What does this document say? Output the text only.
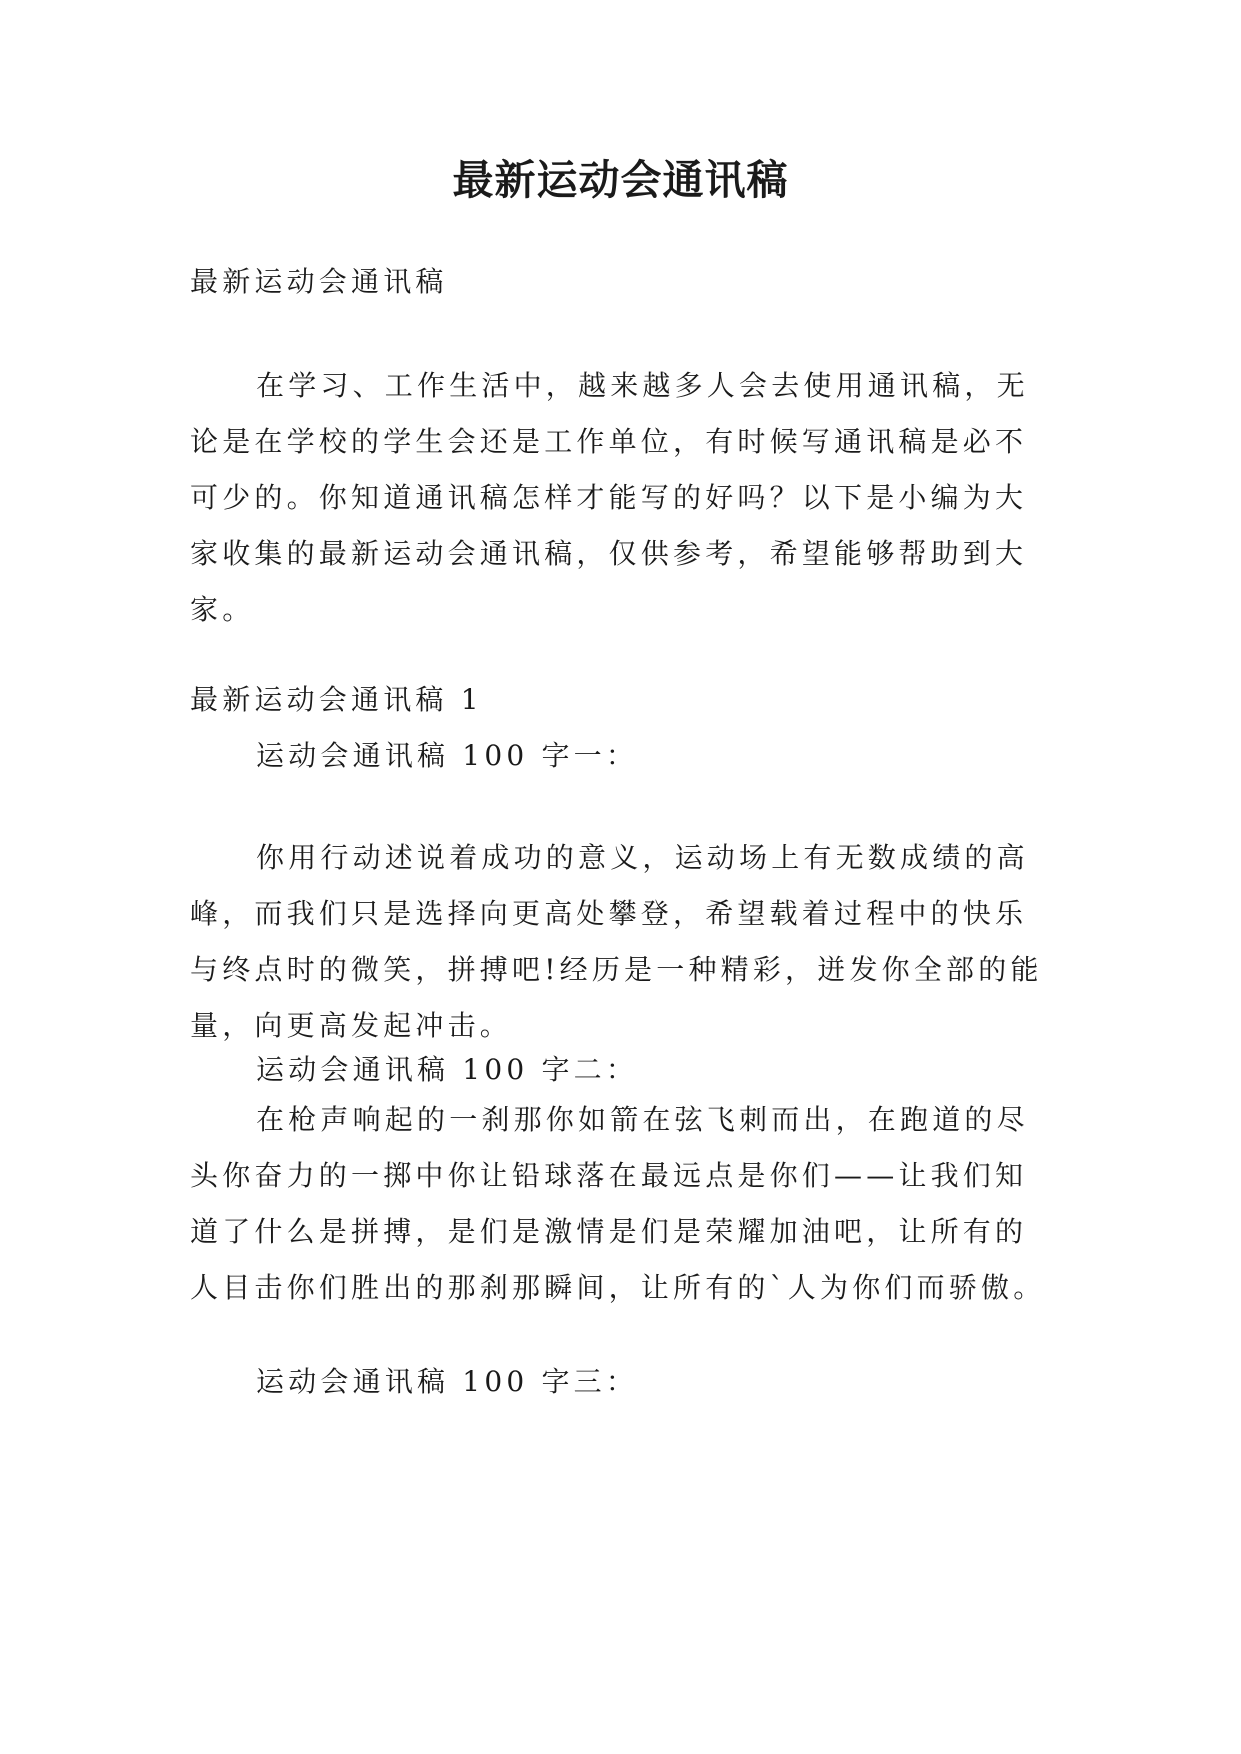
最新运动会通讯稿

最新运动会通讯稿

在学习、工作生活中，越来越多人会去使用通讯稿，无论是在学校的学生会还是工作单位，有时候写通讯稿是必不可少的。你知道通讯稿怎样才能写的好吗？以下是小编为大家收集的最新运动会通讯稿，仅供参考，希望能够帮助到大家。

最新运动会通讯稿 1

运动会通讯稿 100 字一：

你用行动述说着成功的意义，运动场上有无数成绩的高峰，而我们只是选择向更高处攀登，希望载着过程中的快乐与终点时的微笑，拼搏吧!经历是一种精彩，迸发你全部的能量，向更高发起冲击。

运动会通讯稿 100 字二：

在枪声响起的一刹那你如箭在弦飞刺而出，在跑道的尽头你奋力的一掷中你让铅球落在最远点是你们——让我们知道了什么是拼搏，是们是激情是们是荣耀加油吧，让所有的人目击你们胜出的那刹那瞬间，让所有的`人为你们而骄傲。

运动会通讯稿 100 字三：
